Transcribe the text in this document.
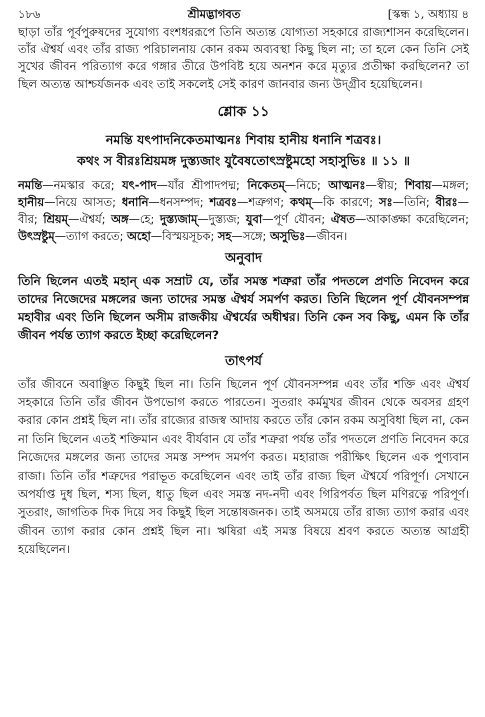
১৮৬	শ্রীমদ্ভাগবত	[স্কন্ধ ১, অধ্যায় ৪

ছাড়া তাঁর পূর্বপুরুষদের সুযোগ্য বংশধররূপে তিনি অত্যন্ত যোগ্যতা সহকারে রাজ্যশাসন করেছিলেন। তাঁর ঐশ্বর্য এবং তাঁর রাজ্য পরিচালনায় কোন রকম অব্যবস্থা কিছু ছিল না; তা হলে কেন তিনি সেই সুখের জীবন পরিত্যাগ করে গঙ্গার তীরে উপবিষ্ট হয়ে অনশন করে মৃত্যুর প্রতীক্ষা করছিলেন? তা ছিল অত্যন্ত আশ্চর্যজনক এবং তাই সকলেই সেই কারণ জানবার জন্য উদ্গ্রীব হয়েছিলেন।

শ্লোক ১১

নমন্তি যৎপাদনিকেতমাত্মনঃ শিবায় হানীয় ধনানি শত্রবঃ।

কথং স বীরঃশ্রিয়মঙ্গ দুস্ত্যজাং যুবৈষতোৎস্রষ্টুমহো সহাসুভিঃ ॥ ১১ ॥

নমন্তি—নমস্কার করে; যৎ-পাদ—যাঁর শ্রীপাদপদ্ম; নিকেতম্—নিচে; আত্মনঃ—স্বীয়; শিবায়—মঙ্গল; হানীয়—নিয়ে আসত; ধনানি—ধনসম্পদ; শত্রবঃ—শত্রুগণ; কথম্—কি কারণে; সঃ—তিনি; বীরঃ—বীর; শ্রিয়ম্—ঐশ্বর্য; অঙ্গ—হে; দুস্ত্যজাম্—দুস্ত্যজ; যুবা—পূর্ণ যৌবন; ঐষত—আকাঙ্ক্ষা করেছিলেন; উৎস্রষ্টুম্—ত্যাগ করতে; অহো—বিস্ময়সূচক; সহ—সঙ্গে; অসুভিঃ—জীবন।

অনুবাদ

তিনি ছিলেন এতই মহান্ এক সম্রাট যে, তাঁর সমস্ত শত্রুরা তাঁর পদতলে প্রণতি নিবেদন করে তাদের নিজেদের মঙ্গলের জন্য তাদের সমস্ত ঐশ্বর্য সমর্পণ করত। তিনি ছিলেন পূর্ণ যৌবনসম্পন্ন মহাবীর এবং তিনি ছিলেন অসীম রাজকীয় ঐশ্বর্যের অধীশ্বর। তিনি কেন সব কিছু, এমন কি তাঁর জীবন পর্যন্ত ত্যাগ করতে ইচ্ছা করেছিলেন?

তাৎপর্য

তাঁর জীবনে অবাঞ্ছিত কিছুই ছিল না। তিনি ছিলেন পূর্ণ যৌবনসম্পন্ন এবং তাঁর শক্তি এবং ঐশ্বর্য সহকারে তিনি তাঁর জীবন উপভোগ করতে পারতেন। সুতরাং কর্মমুখর জীবন থেকে অবসর গ্রহণ করার কোন প্রশ্নই ছিল না। তাঁর রাজ্যের রাজস্ব আদায় করতে তাঁর কোন রকম অসুবিধা ছিল না, কেন না তিনি ছিলেন এতই শক্তিমান এবং বীর্যবান যে তাঁর শত্রুরা পর্যন্ত তাঁর পদতলে প্রণতি নিবেদন করে নিজেদের মঙ্গলের জন্য তাদের সমস্ত সম্পদ সমর্পণ করত। মহারাজ পরীক্ষিৎ ছিলেন এক পুণ্যবান রাজা। তিনি তাঁর শত্রুদের পরাভূত করেছিলেন এবং তাই তাঁর রাজ্য ছিল ঐশ্বর্যে পরিপূর্ণ। সেখানে অপর্যাপ্ত দুধ ছিল, শস্য ছিল, ধাতু ছিল এবং সমস্ত নদ-নদী এবং গিরিপর্বত ছিল মণিরত্নে পরিপূর্ণ। সুতরাং, জাগতিক দিক দিয়ে সব কিছুই ছিল সন্তোষজনক। তাই অসময়ে তাঁর রাজ্য ত্যাগ করার এবং জীবন ত্যাগ করার কোন প্রশ্নই ছিল না। ঋষিরা এই সমস্ত বিষয়ে শ্রবণ করতে অত্যন্ত আগ্রহী হয়েছিলেন।
